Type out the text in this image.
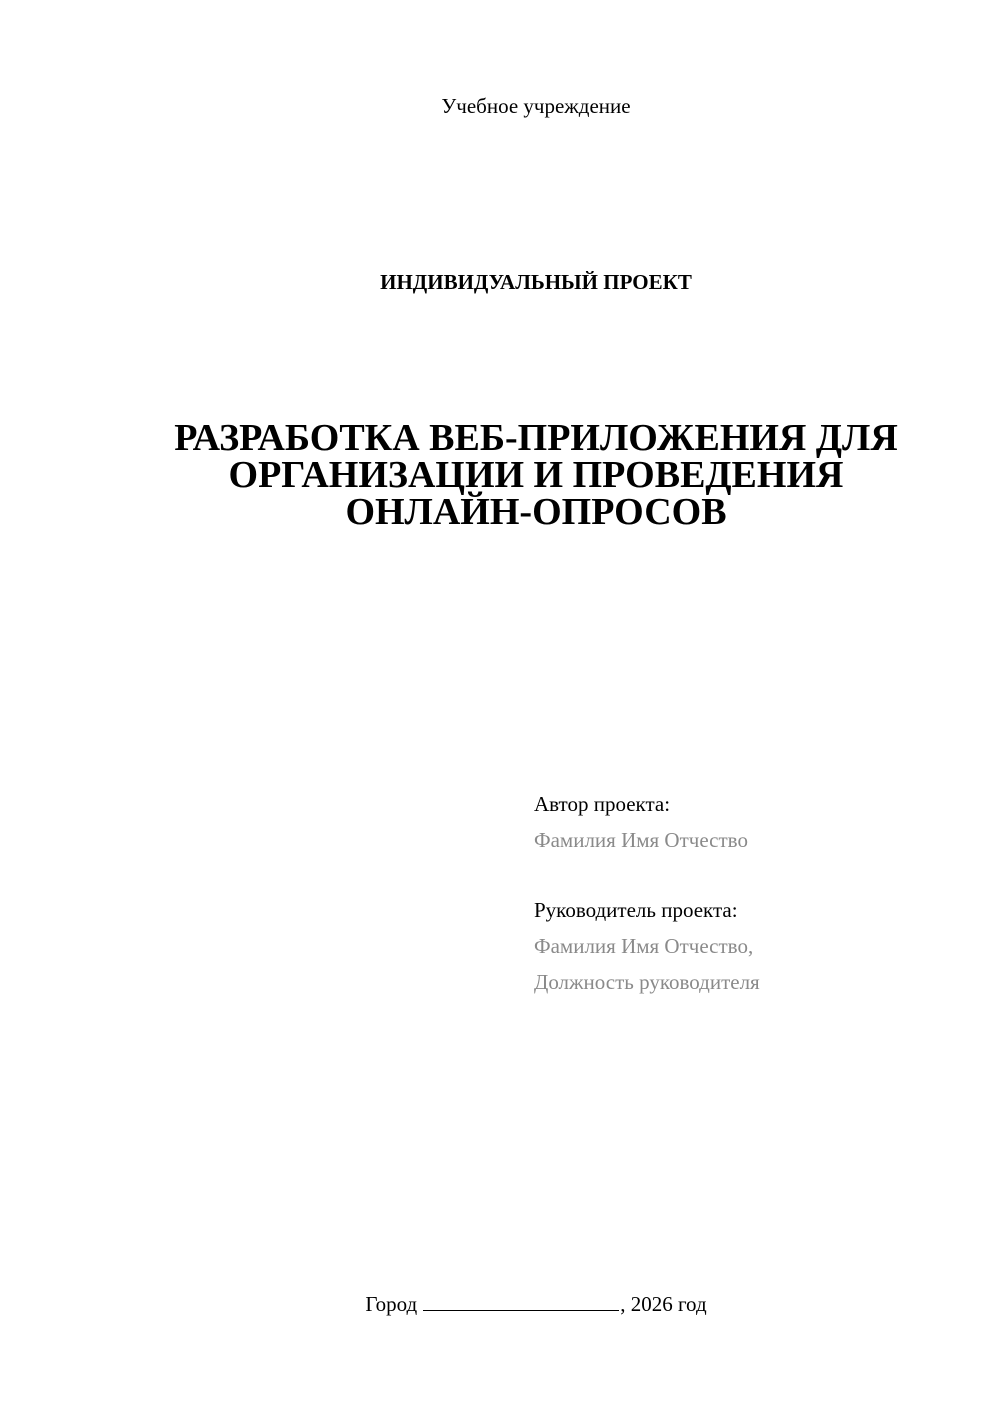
Учебное учреждение
ИНДИВИДУАЛЬНЫЙ ПРОЕКТ
РАЗРАБОТКА ВЕБ-ПРИЛОЖЕНИЯ ДЛЯ
ОРГАНИЗАЦИИ И ПРОВЕДЕНИЯ
ОНЛАЙН-ОПРОСОВ
Автор проекта:
Фамилия Имя Отчество
Руководитель проекта:
Фамилия Имя Отчество,
Должность руководителя
Город	, 2026 год
